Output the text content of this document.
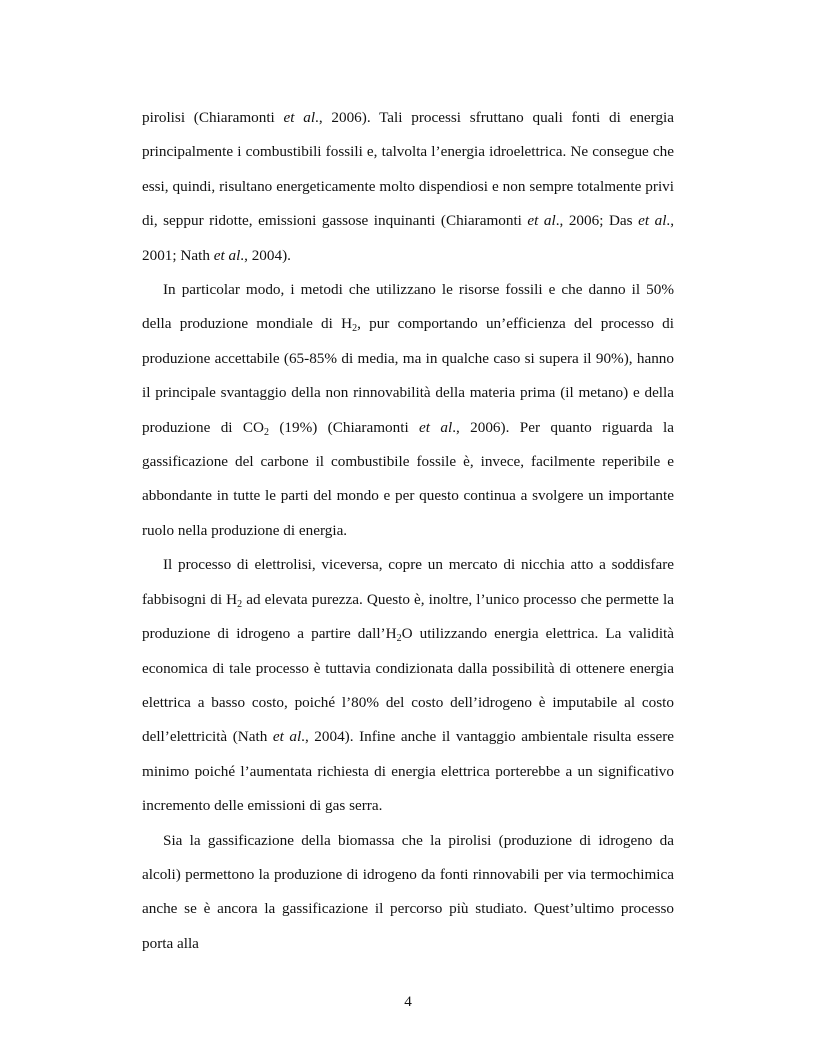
pirolisi (Chiaramonti et al., 2006). Tali processi sfruttano quali fonti di energia principalmente i combustibili fossili e, talvolta l’energia idroelettrica. Ne consegue che essi, quindi, risultano energeticamente molto dispendiosi e non sempre totalmente privi di, seppur ridotte, emissioni gassose inquinanti (Chiaramonti et al., 2006; Das et al., 2001; Nath et al., 2004).

In particolar modo, i metodi che utilizzano le risorse fossili e che danno il 50% della produzione mondiale di $H_2$, pur comportando un’efficienza del processo di produzione accettabile (65-85% di media, ma in qualche caso si supera il 90%), hanno il principale svantaggio della non rinnovabilità della materia prima (il metano) e della produzione di $CO_2$ (19%) (Chiaramonti et al., 2006). Per quanto riguarda la gassificazione del carbone il combustibile fossile è, invece, facilmente reperibile e abbondante in tutte le parti del mondo e per questo continua a svolgere un importante ruolo nella produzione di energia.

Il processo di elettrolisi, viceversa, copre un mercato di nicchia atto a soddisfare fabbisogni di $H_2$ ad elevata purezza. Questo è, inoltre, l’unico processo che permette la produzione di idrogeno a partire $dall’H_2O$ utilizzando energia elettrica. La validità economica di tale processo è tuttavia condizionata dalla possibilità di ottenere energia elettrica a basso costo, poiché l’80% del costo dell’idrogeno è imputabile al costo dell’elettricità (Nath et al., 2004). Infine anche il vantaggio ambientale risulta essere minimo poiché l’aumentata richiesta di energia elettrica porterebbe a un significativo incremento delle emissioni di gas serra.

Sia la gassificazione della biomassa che la pirolisi (produzione di idrogeno da alcoli) permettono la produzione di idrogeno da fonti rinnovabili per via termochimica anche se è ancora la gassificazione il percorso più studiato. Quest’ultimo processo porta alla

4
